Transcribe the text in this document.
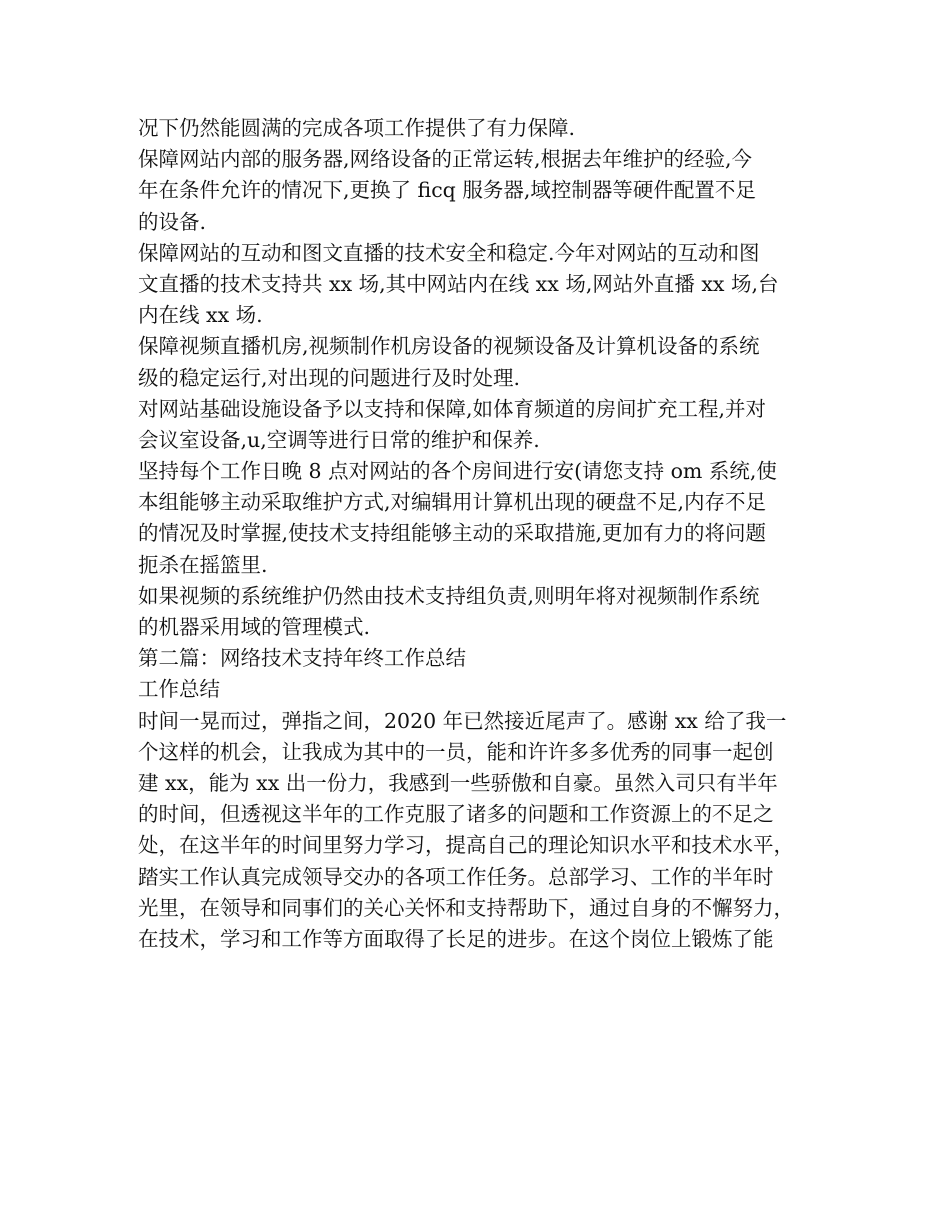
况下仍然能圆满的完成各项工作提供了有力保障.
保障网站内部的服务器,网络设备的正常运转,根据去年维护的经验,今
年在条件允许的情况下,更换了 ficq 服务器,域控制器等硬件配置不足
的设备.
保障网站的互动和图文直播的技术安全和稳定.今年对网站的互动和图
文直播的技术支持共 xx 场,其中网站内在线 xx 场,网站外直播 xx 场,台
内在线 xx 场.
保障视频直播机房,视频制作机房设备的视频设备及计算机设备的系统
级的稳定运行,对出现的问题进行及时处理.
对网站基础设施设备予以支持和保障,如体育频道的房间扩充工程,并对
会议室设备,u,空调等进行日常的维护和保养.
坚持每个工作日晚 8 点对网站的各个房间进行安(请您支持 om 系统,使
本组能够主动采取维护方式,对编辑用计算机出现的硬盘不足,内存不足
的情况及时掌握,使技术支持组能够主动的采取措施,更加有力的将问题
扼杀在摇篮里.
如果视频的系统维护仍然由技术支持组负责,则明年将对视频制作系统
的机器采用域的管理模式.
第二篇：网络技术支持年终工作总结
工作总结
时间一晃而过，弹指之间，2020 年已然接近尾声了。感谢 xx 给了我一
个这样的机会，让我成为其中的一员，能和许许多多优秀的同事一起创
建 xx，能为 xx 出一份力，我感到一些骄傲和自豪。虽然入司只有半年
的时间，但透视这半年的工作克服了诸多的问题和工作资源上的不足之
处，在这半年的时间里努力学习，提高自己的理论知识水平和技术水平，
踏实工作认真完成领导交办的各项工作任务。总部学习、工作的半年时
光里，在领导和同事们的关心关怀和支持帮助下，通过自身的不懈努力，
在技术，学习和工作等方面取得了长足的进步。在这个岗位上锻炼了能
